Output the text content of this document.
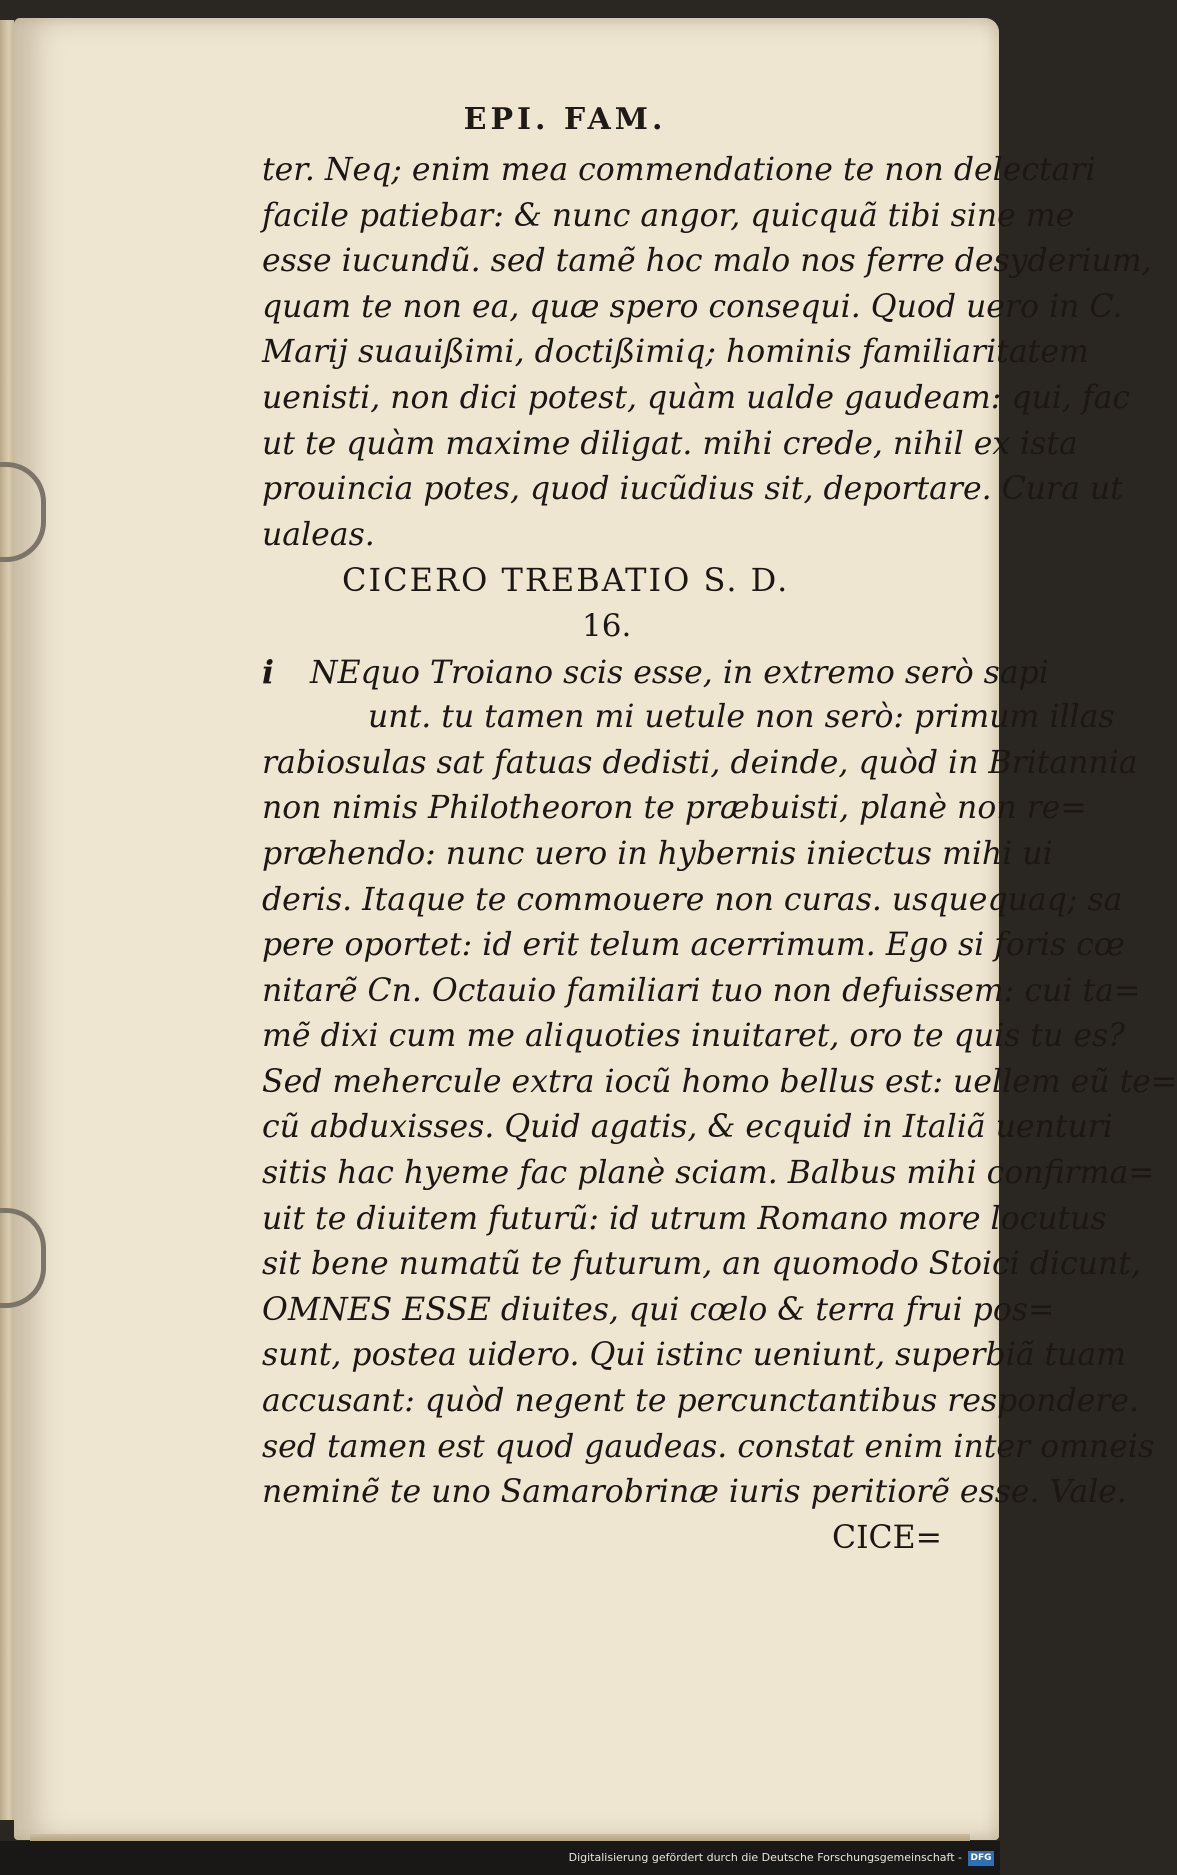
EPI. FAM.
ter. Neq; enim mea commendatione te non delectari
facile patiebar: & nunc angor, quicquã tibi sine me
esse iucundũ. sed tamẽ hoc malo nos ferre desyderium,
quam te non ea, quæ spero consequi. Quod uero in C.
Marij suauißimi, doctißimiq; hominis familiaritatem
uenisti, non dici potest, quàm ualde gaudeam: qui, fac
ut te quàm maxime diligat. mihi crede, nihil ex ista
prouincia potes, quod iucũdius sit, deportare. Cura ut
ualeas.
CICERO TREBATIO S. D.
16.
i NEquo Troiano scis esse, in extremo serò sapi
unt. tu tamen mi uetule non serò: primum illas
rabiosulas sat fatuas dedisti, deinde, quòd in Britannia
non nimis Philotheoron te præbuisti, planè non re=
præhendo: nunc uero in hybernis iniectus mihi ui
deris. Itaque te commouere non curas. usquequaq; sa
pere oportet: id erit telum acerrimum. Ego si foris cœ
nitarẽ Cn. Octauio familiari tuo non defuissem: cui ta=
mẽ dixi cum me aliquoties inuitaret, oro te quis tu es?
Sed mehercule extra iocũ homo bellus est: uellem eũ te=
cũ abduxisses. Quid agatis, & ecquid in Italiã uenturi
sitis hac hyeme fac planè sciam. Balbus mihi confirma=
uit te diuitem futurũ: id utrum Romano more locutus
sit bene numatũ te futurum, an quomodo Stoici dicunt,
OMNES ESSE diuites, qui cœlo & terra frui pos=
sunt, postea uidero. Qui istinc ueniunt, superbiã tuam
accusant: quòd negent te percunctantibus respondere.
sed tamen est quod gaudeas. constat enim inter omneis
neminẽ te uno Samarobrinæ iuris peritiorẽ esse. Vale.
CICE=
Digitalisierung gefördert durch die Deutsche Forschungsgemeinschaft - DFG
